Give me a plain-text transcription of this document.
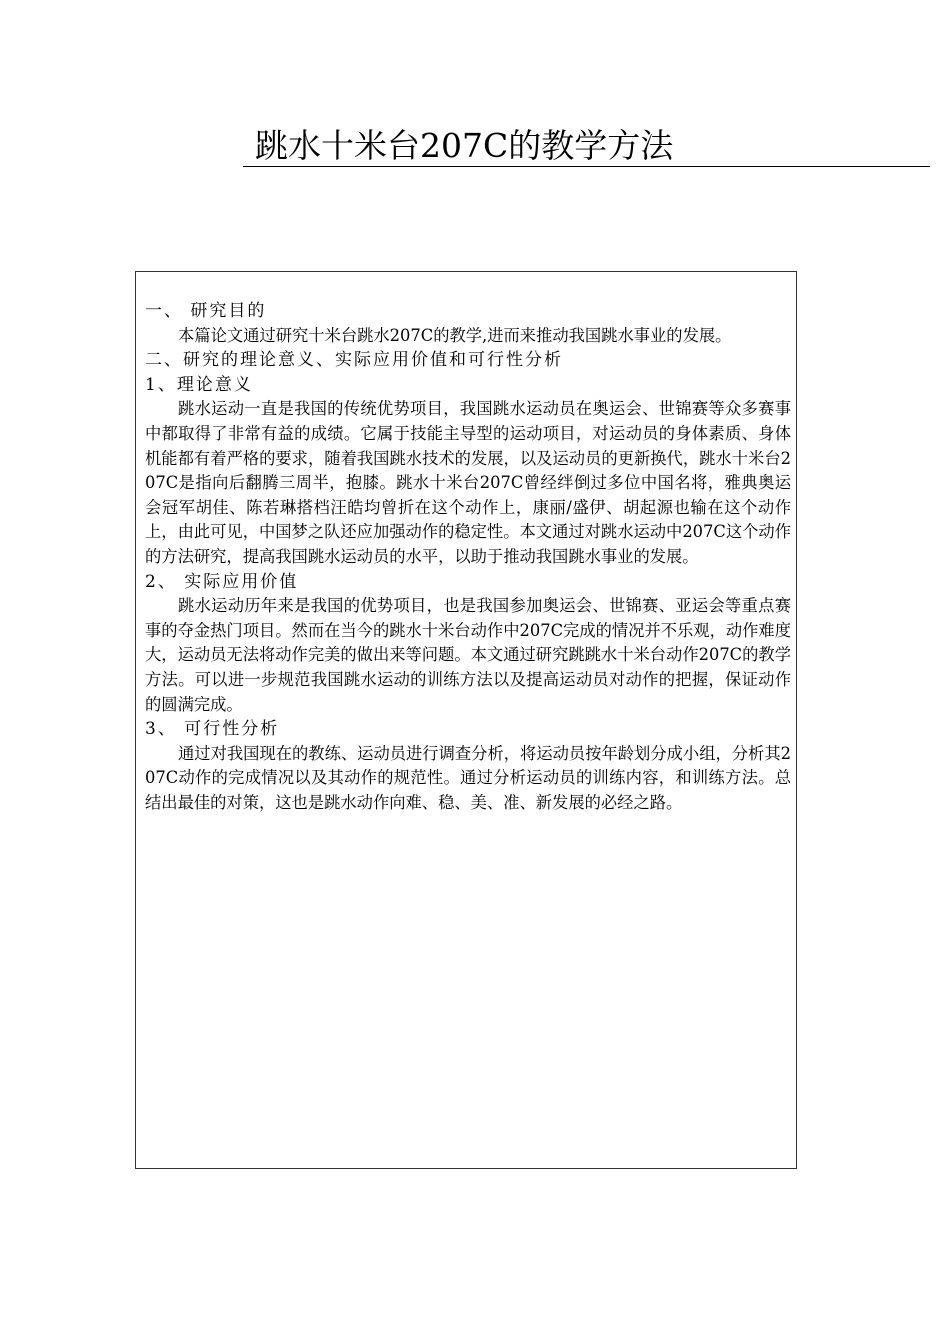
跳水十米台207C的教学方法

一、 研究目的

本篇论文通过研究十米台跳水207C的教学,进而来推动我国跳水事业的发展。

二、研究的理论意义、实际应用价值和可行性分析

1、理论意义

跳水运动一直是我国的传统优势项目，我国跳水运动员在奥运会、世锦赛等众多赛事中都取得了非常有益的成绩。它属于技能主导型的运动项目，对运动员的身体素质、身体机能都有着严格的要求，随着我国跳水技术的发展，以及运动员的更新换代，跳水十米台207C是指向后翻腾三周半，抱膝。跳水十米台207C曾经绊倒过多位中国名将，雅典奥运会冠军胡佳、陈若琳搭档汪皓均曾折在这个动作上，康丽/盛伊、胡起源也输在这个动作上，由此可见，中国梦之队还应加强动作的稳定性。本文通过对跳水运动中207C这个动作的方法研究，提高我国跳水运动员的水平，以助于推动我国跳水事业的发展。

2、 实际应用价值

跳水运动历年来是我国的优势项目，也是我国参加奥运会、世锦赛、亚运会等重点赛事的夺金热门项目。然而在当今的跳水十米台动作中207C完成的情况并不乐观，动作难度大，运动员无法将动作完美的做出来等问题。本文通过研究跳跳水十米台动作207C的教学方法。可以进一步规范我国跳水运动的训练方法以及提高运动员对动作的把握，保证动作的圆满完成。

3、 可行性分析

通过对我国现在的教练、运动员进行调查分析，将运动员按年龄划分成小组，分析其207C动作的完成情况以及其动作的规范性。通过分析运动员的训练内容，和训练方法。总结出最佳的对策，这也是跳水动作向难、稳、美、准、新发展的必经之路。
